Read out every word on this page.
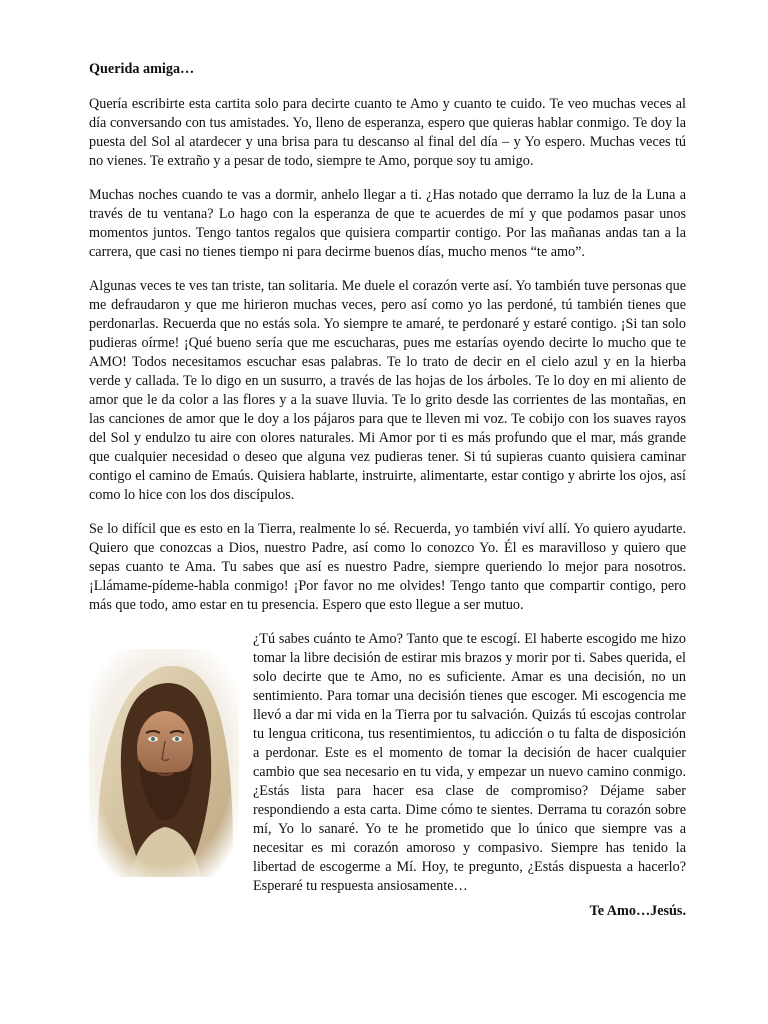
Querida amiga…

Quería escribirte esta cartita solo para decirte cuanto te Amo y cuanto te cuido. Te veo muchas veces al día conversando con tus amistades. Yo, lleno de esperanza, espero que quieras hablar conmigo. Te doy la puesta del Sol al atardecer y una brisa para tu descanso al final del día – y Yo espero. Muchas veces tú no vienes. Te extraño y a pesar de todo, siempre te Amo, porque soy tu amigo.

Muchas noches cuando te vas a dormir, anhelo llegar a ti. ¿Has notado que derramo la luz de la Luna a través de tu ventana? Lo hago con la esperanza de que te acuerdes de mí y que podamos pasar unos momentos juntos. Tengo tantos regalos que quisiera compartir contigo. Por las mañanas andas tan a la carrera, que casi no tienes tiempo ni para decirme buenos días, mucho menos “te amo”.

Algunas veces te ves tan triste, tan solitaria. Me duele el corazón verte así. Yo también tuve personas que me defraudaron y que me hirieron muchas veces, pero así como yo las perdoné, tú también tienes que perdonarlas. Recuerda que no estás sola. Yo siempre te amaré, te perdonaré y estaré contigo. ¡Si tan solo pudieras oírme! ¡Qué bueno sería que me escucharas, pues me estarías oyendo decirte lo mucho que te AMO! Todos necesitamos escuchar esas palabras. Te lo trato de decir en el cielo azul y en la hierba verde y callada. Te lo digo en un susurro, a través de las hojas de los árboles. Te lo doy en mi aliento de amor que le da color a las flores y a la suave lluvia. Te lo grito desde las corrientes de las montañas, en las canciones de amor que le doy a los pájaros para que te lleven mi voz. Te cobijo con los suaves rayos del Sol y endulzo tu aire con olores naturales. Mi Amor por ti es más profundo que el mar, más grande que cualquier necesidad o deseo que alguna vez pudieras tener. Si tú supieras cuanto quisiera caminar contigo el camino de Emaús. Quisiera hablarte, instruirte, alimentarte, estar contigo y abrirte los ojos, así como lo hice con los dos discípulos.

Se lo difícil que es esto en la Tierra, realmente lo sé. Recuerda, yo también viví allí. Yo quiero ayudarte. Quiero que conozcas a Dios, nuestro Padre, así como lo conozco Yo. Él es maravilloso y quiero que sepas cuanto te Ama. Tu sabes que así es nuestro Padre, siempre queriendo lo mejor para nosotros. ¡Llámame-pídeme-habla conmigo! ¡Por favor no me olvides! Tengo tanto que compartir contigo, pero más que todo, amo estar en tu presencia. Espero que esto llegue a ser mutuo.

¿Tú sabes cuánto te Amo? Tanto que te escogí. El haberte escogido me hizo tomar la libre decisión de estirar mis brazos y morir por ti. Sabes querida, el solo decirte que te Amo, no es suficiente. Amar es una decisión, no un sentimiento. Para tomar una decisión tienes que escoger. Mi escogencia me llevó a dar mi vida en la Tierra por tu salvación. Quizás tú escojas controlar tu lengua criticona, tus resentimientos, tu adicción o tu falta de disposición a perdonar. Este es el momento de tomar la decisión de hacer cualquier cambio que sea necesario en tu vida, y empezar un nuevo camino conmigo. ¿Estás lista para hacer esa clase de compromiso? Déjame saber respondiendo a esta carta. Dime cómo te sientes. Derrama tu corazón sobre mí, Yo lo sanaré. Yo te he prometido que lo único que siempre vas a necesitar es mi corazón amoroso y compasivo. Siempre has tenido la libertad de escogerme a Mí. Hoy, te pregunto, ¿Estás dispuesta a hacerlo? Esperaré tu respuesta ansiosamente…

Te Amo…Jesús.
